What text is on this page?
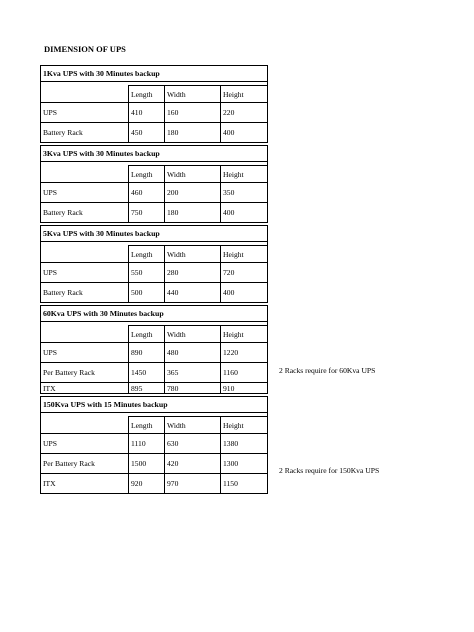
DIMENSION OF UPS
1Kva UPS with 30 Minutes backup			

	Length	Width	Height
UPS	410	160	220
Battery Rack	450	180	400
3Kva UPS with 30 Minutes backup			

	Length	Width	Height
UPS	460	200	350
Battery Rack	750	180	400
5Kva UPS with 30 Minutes backup			

	Length	Width	Height
UPS	550	280	720
Battery Rack	500	440	400
60Kva UPS with 30 Minutes backup			

	Length	Width	Height
UPS	890	480	1220
Per Battery Rack	1450	365	1160
ITX	895	780	910
150Kva UPS with 15 Minutes backup			

	Length	Width	Height
UPS	1110	630	1380
Per Battery Rack	1500	420	1300
ITX	920	970	1150
2 Racks require for 60Kva UPS
2 Racks require for 150Kva UPS
